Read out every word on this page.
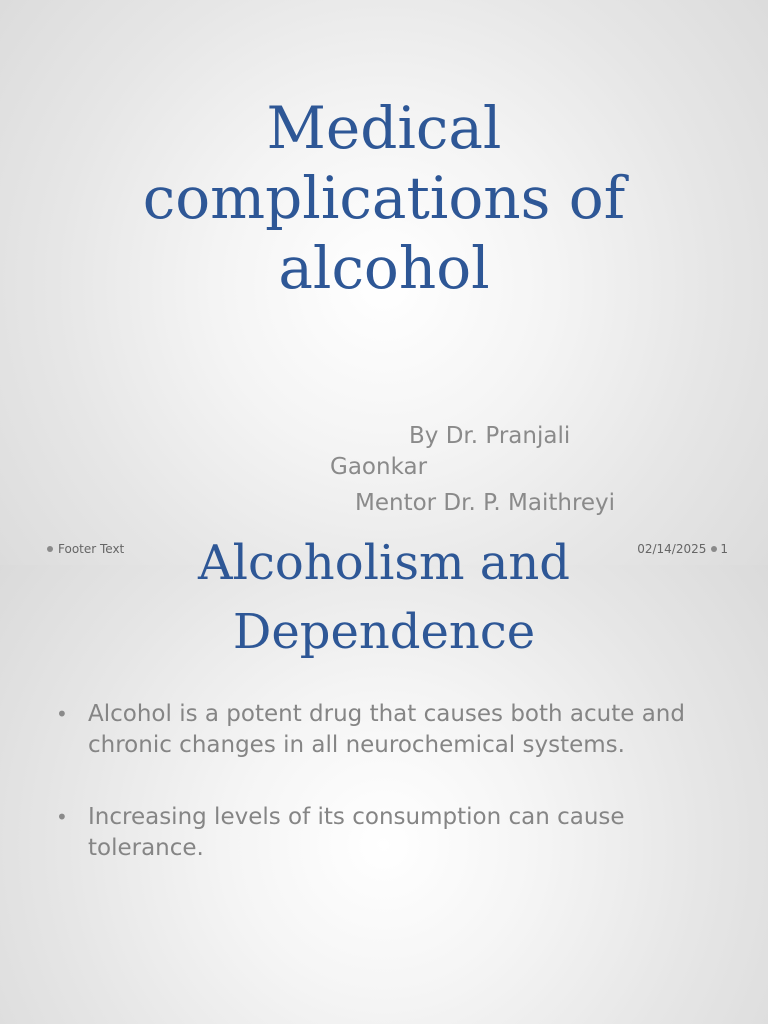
Medical complications of alcohol

By Dr. Pranjali

Gaonkar

Mentor Dr. P. Maithreyi

Footer Text	02/14/2025 1
Alcoholism and Dependence
• Alcohol is a potent drug that causes both acute and chronic changes in all neurochemical systems.
• Increasing levels of its consumption can cause tolerance.
